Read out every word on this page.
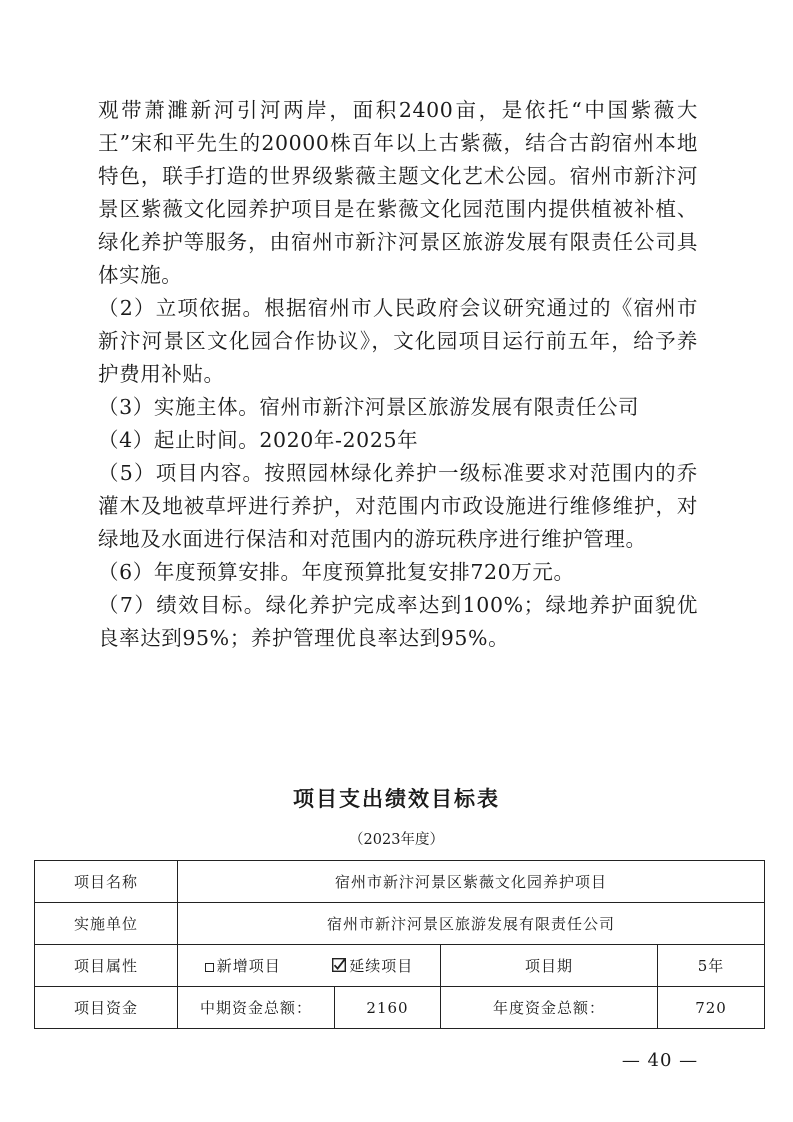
观带萧濉新河引河两岸，面积2400亩，是依托“中国紫薇大王”宋和平先生的20000株百年以上古紫薇，结合古韵宿州本地特色，联手打造的世界级紫薇主题文化艺术公园。宿州市新汴河景区紫薇文化园养护项目是在紫薇文化园范围内提供植被补植、绿化养护等服务，由宿州市新汴河景区旅游发展有限责任公司具体实施。

（2）立项依据。根据宿州市人民政府会议研究通过的《宿州市新汴河景区文化园合作协议》，文化园项目运行前五年，给予养护费用补贴。

（3）实施主体。宿州市新汴河景区旅游发展有限责任公司

（4）起止时间。2020年-2025年

（5）项目内容。按照园林绿化养护一级标准要求对范围内的乔灌木及地被草坪进行养护，对范围内市政设施进行维修维护，对绿地及水面进行保洁和对范围内的游玩秩序进行维护管理。

（6）年度预算安排。年度预算批复安排720万元。

（7）绩效目标。绿化养护完成率达到100%；绿地养护面貌优良率达到95%；养护管理优良率达到95%。

项目支出绩效目标表
（2023年度）
项目名称	宿州市新汴河景区紫薇文化园养护项目			
实施单位	宿州市新汴河景区旅游发展有限责任公司			
项目属性	新增项目 延续项目		项目期	5年
项目资金	中期资金总额：	2160	年度资金总额：	720
— 40 —
